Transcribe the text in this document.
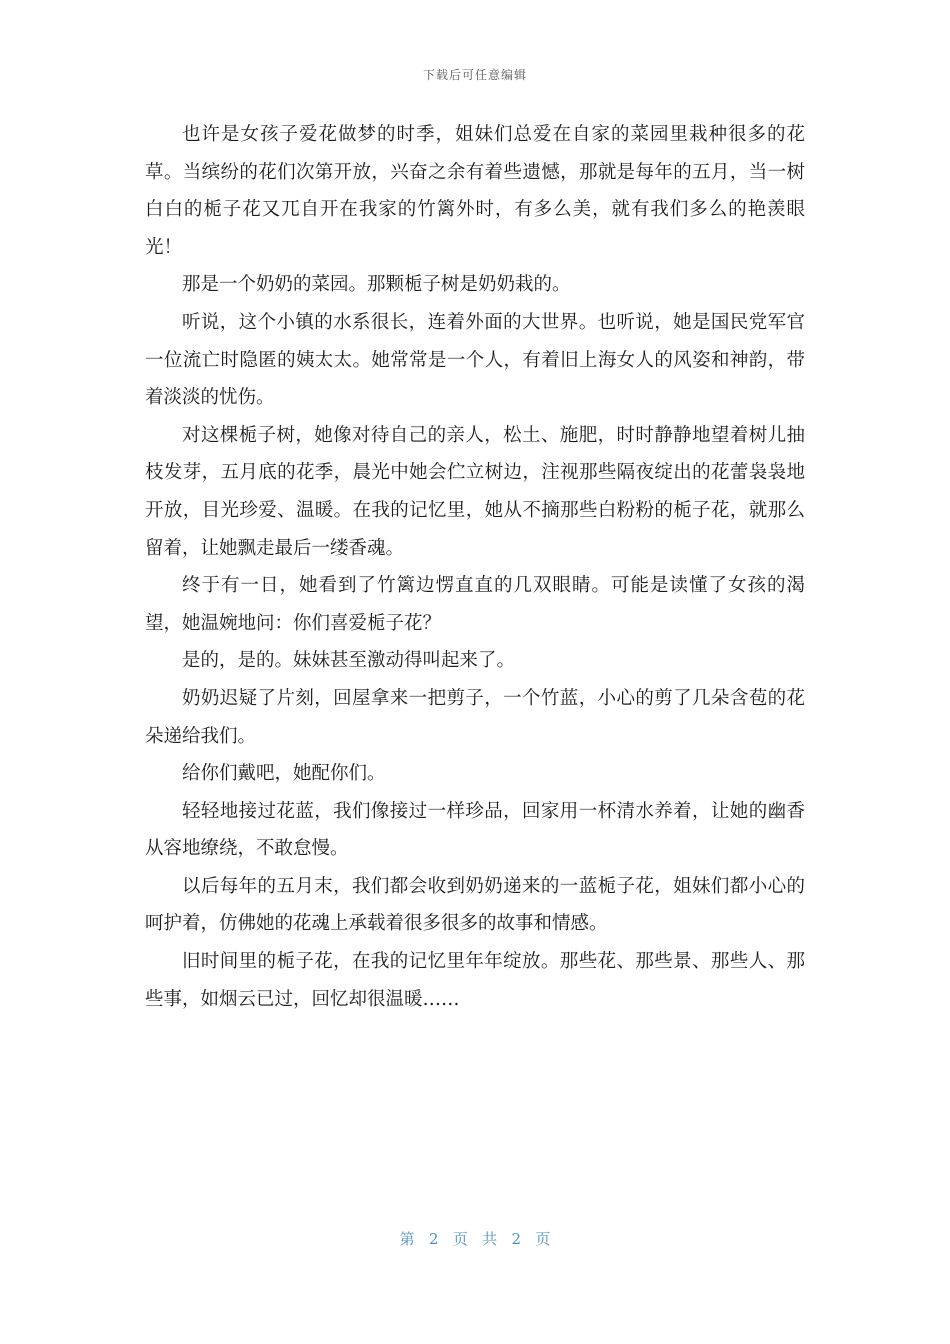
下载后可任意编辑

也许是女孩子爱花做梦的时季，姐妹们总爱在自家的菜园里栽种很多的花草。当缤纷的花们次第开放，兴奋之余有着些遗憾，那就是每年的五月，当一树白白的栀子花又兀自开在我家的竹篱外时，有多么美，就有我们多么的艳羡眼光！

那是一个奶奶的菜园。那颗栀子树是奶奶栽的。

听说，这个小镇的水系很长，连着外面的大世界。也听说，她是国民党军官一位流亡时隐匿的姨太太。她常常是一个人，有着旧上海女人的风姿和神韵，带着淡淡的忧伤。

对这棵栀子树，她像对待自己的亲人，松土、施肥，时时静静地望着树儿抽枝发芽，五月底的花季，晨光中她会伫立树边，注视那些隔夜绽出的花蕾袅袅地开放，目光珍爱、温暖。在我的记忆里，她从不摘那些白粉粉的栀子花，就那么留着，让她飘走最后一缕香魂。

终于有一日，她看到了竹篱边愣直直的几双眼睛。可能是读懂了女孩的渴望，她温婉地问：你们喜爱栀子花？

是的，是的。妹妹甚至激动得叫起来了。

奶奶迟疑了片刻，回屋拿来一把剪子，一个竹蓝，小心的剪了几朵含苞的花朵递给我们。

给你们戴吧，她配你们。

轻轻地接过花蓝，我们像接过一样珍品，回家用一杯清水养着，让她的幽香从容地缭绕，不敢怠慢。

以后每年的五月末，我们都会收到奶奶递来的一蓝栀子花，姐妹们都小心的呵护着，仿佛她的花魂上承载着很多很多的故事和情感。

旧时间里的栀子花，在我的记忆里年年绽放。那些花、那些景、那些人、那些事，如烟云已过，回忆却很温暖……

第 2 页   共 2 页
